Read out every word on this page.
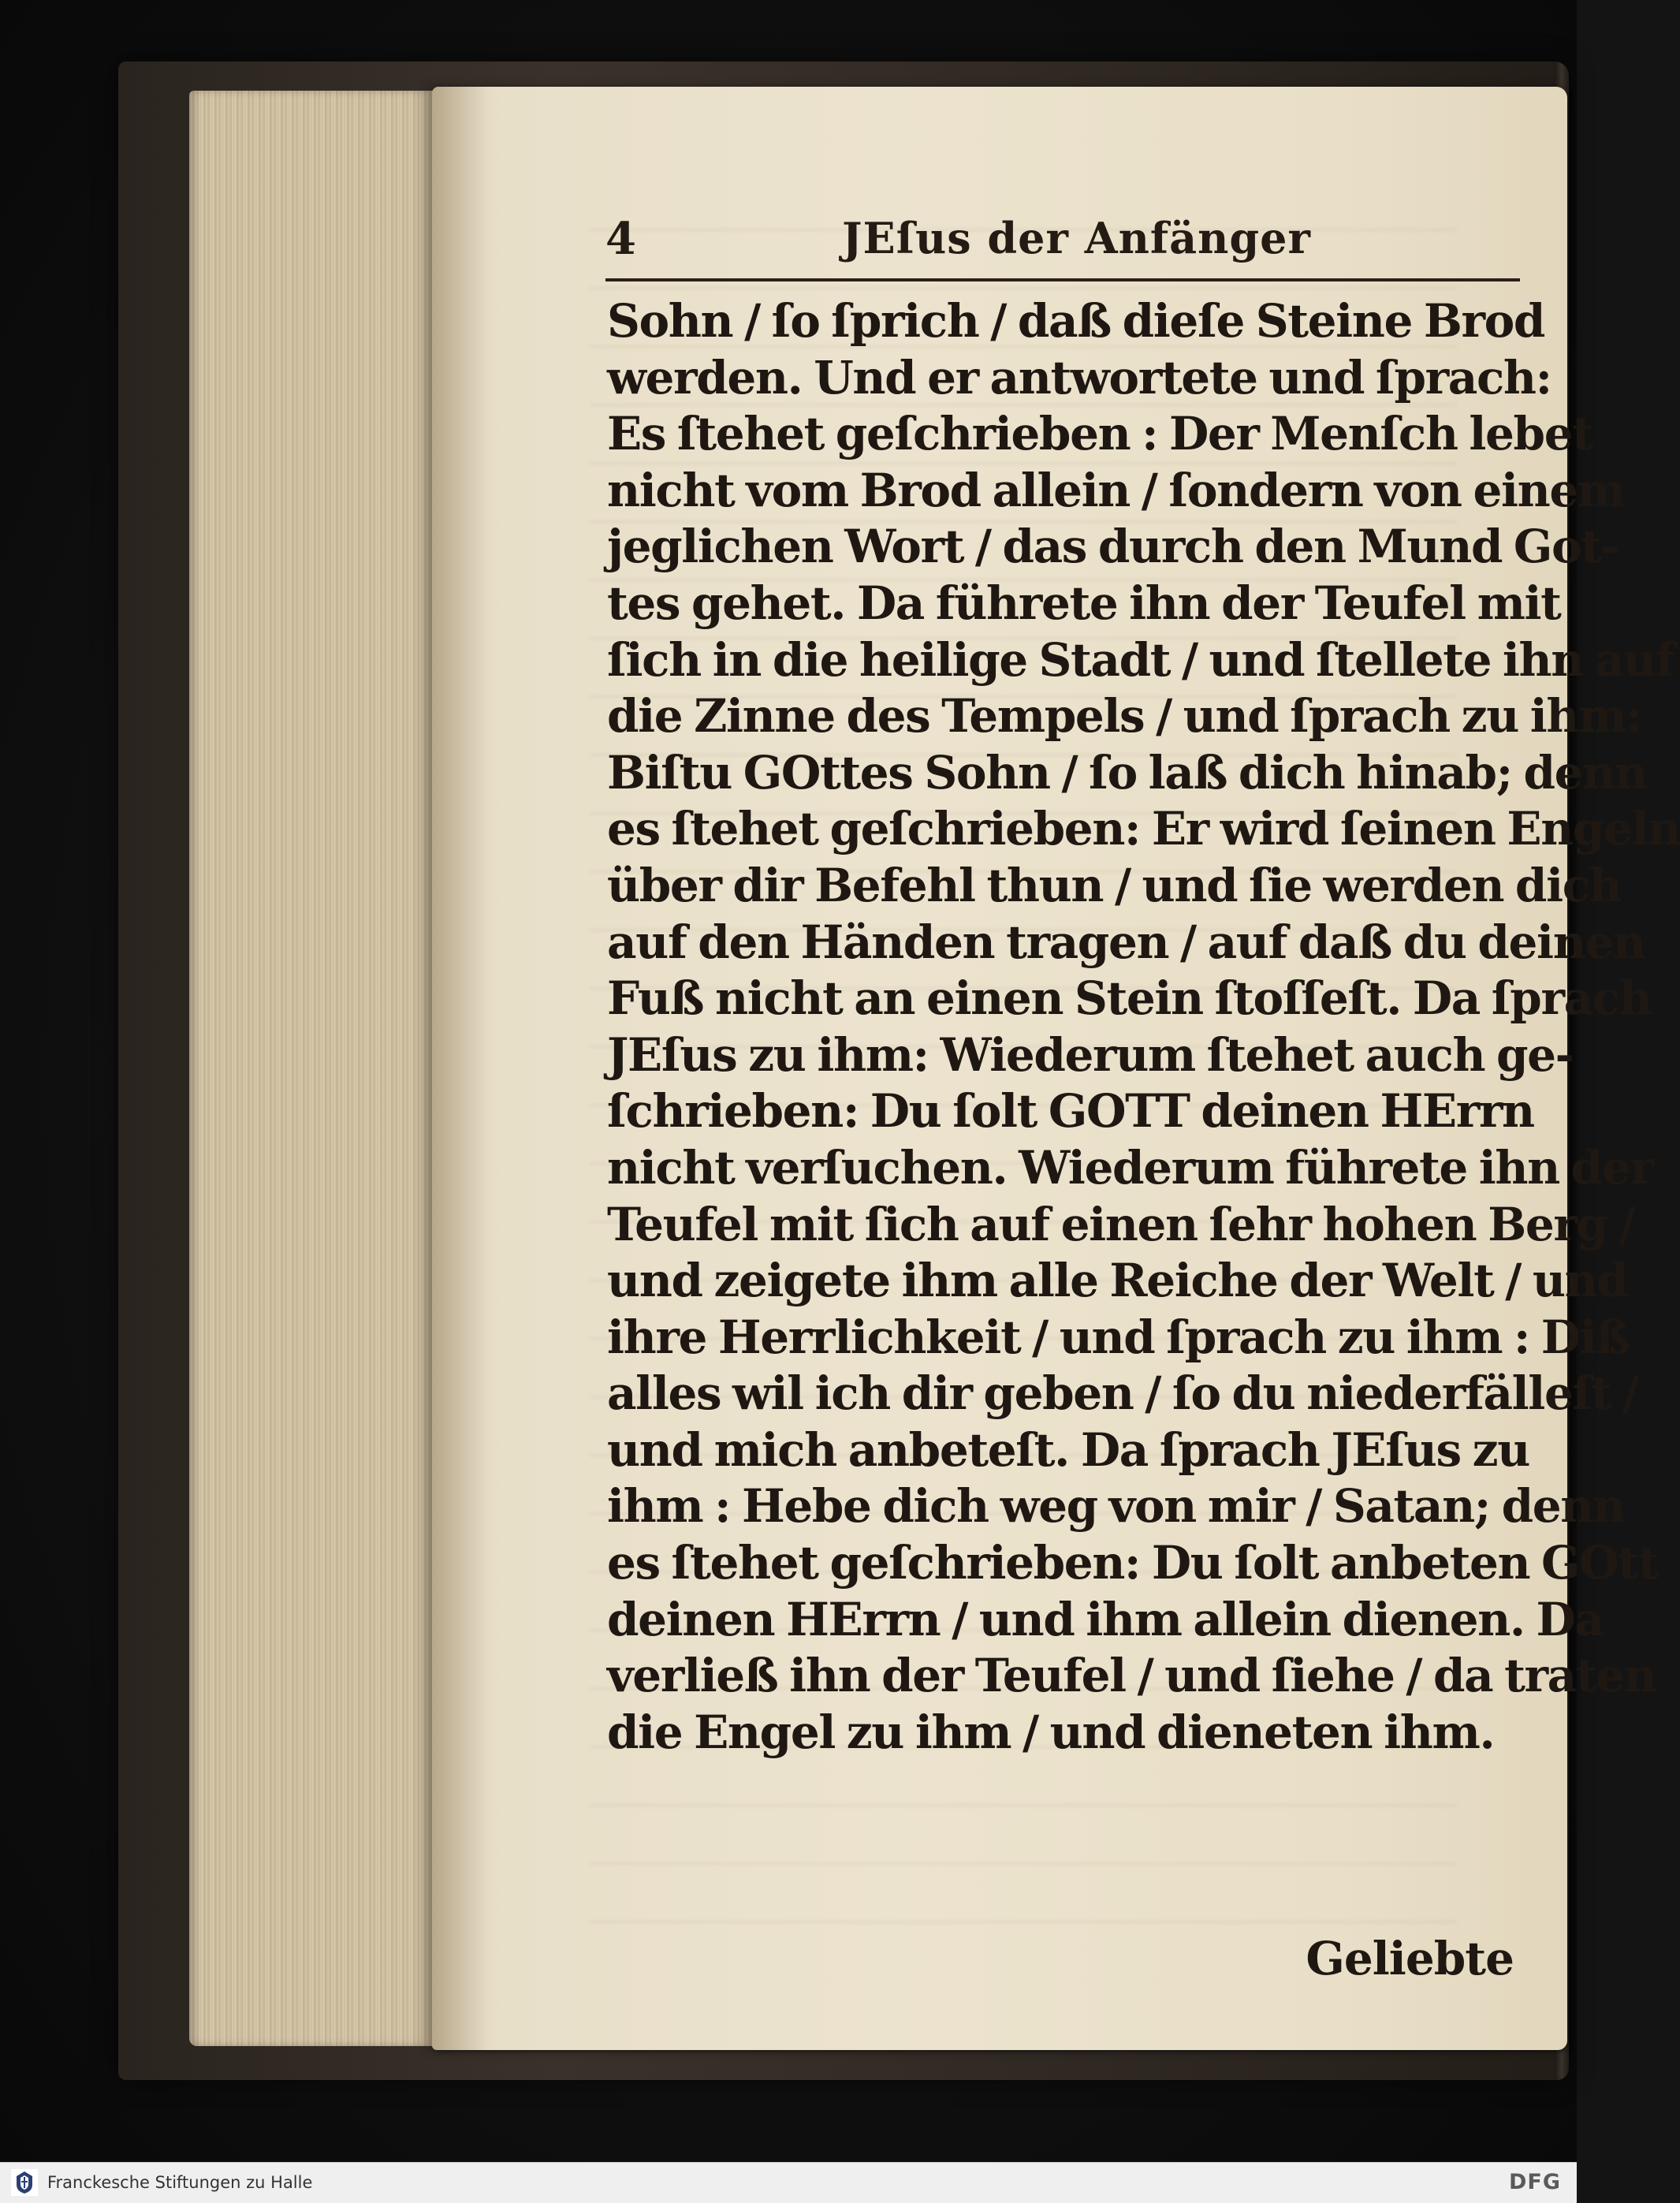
4	JEſus der Anfänger
Sohn / ſo ſprich / daß dieſe Steine Brod
werden. Und er antwortete und ſprach:
Es ſtehet geſchrieben : Der Menſch lebet
nicht vom Brod allein / ſondern von einem
jeglichen Wort / das durch den Mund Got-
tes gehet. Da führete ihn der Teufel mit
ſich in die heilige Stadt / und ſtellete ihn auf
die Zinne des Tempels / und ſprach zu ihm:
Biſtu GOttes Sohn / ſo laß dich hinab; denn
es ſtehet geſchrieben: Er wird ſeinen Engeln
über dir Befehl thun / und ſie werden dich
auf den Händen tragen / auf daß du deinen
Fuß nicht an einen Stein ſtoſſeſt. Da ſprach
JEſus zu ihm: Wiederum ſtehet auch ge-
ſchrieben: Du ſolt GOTT deinen HErrn
nicht verſuchen. Wiederum führete ihn der
Teufel mit ſich auf einen ſehr hohen Berg /
und zeigete ihm alle Reiche der Welt / und
ihre Herrlichkeit / und ſprach zu ihm : Diß
alles wil ich dir geben / ſo du niederfälleſt /
und mich anbeteſt. Da ſprach JEſus zu
ihm : Hebe dich weg von mir / Satan; denn
es ſtehet geſchrieben: Du ſolt anbeten GOtt
deinen HErrn / und ihm allein dienen. Da
verließ ihn der Teufel / und ſiehe / da traten
die Engel zu ihm / und dieneten ihm.
Geliebte
Franckesche Stiftungen zu Halle	DFG
